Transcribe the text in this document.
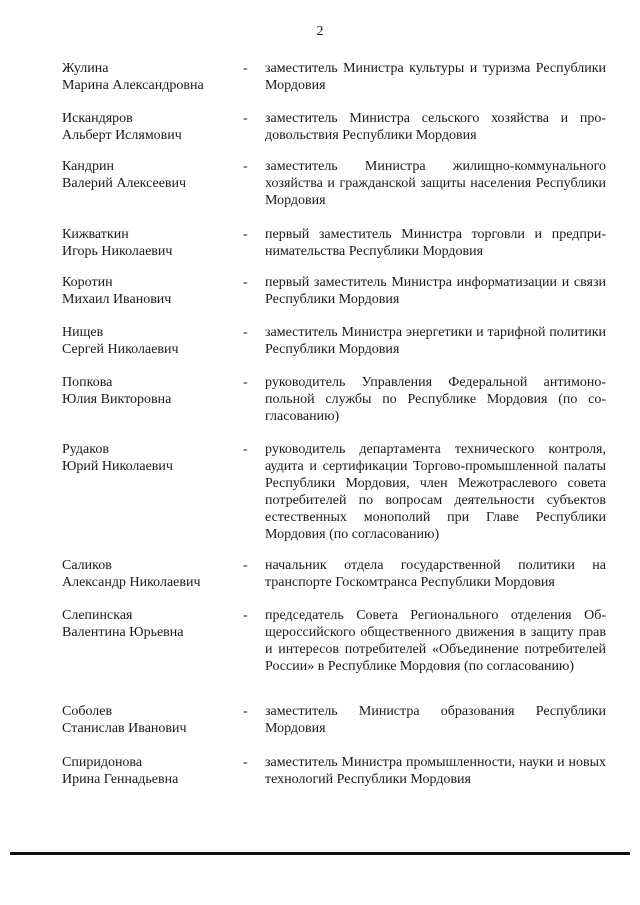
2
Жулина
Марина Александровна
- заместитель Министра культуры и туризма Республики Мордовия
Искандяров
Альберт Ислямович
- заместитель Министра сельского хозяйства и продовольствия Республики Мордовия
Кандрин
Валерий Алексеевич
- заместитель Министра жилищно-коммунального хозяйства и гражданской защиты населения Республики Мордовия
Кижваткин
Игорь Николаевич
- первый заместитель Министра торговли и предпринимательства Республики Мордовия
Коротин
Михаил Иванович
- первый заместитель Министра информатизации и связи Республики Мордовия
Нищев
Сергей Николаевич
- заместитель Министра энергетики и тарифной политики Республики Мордовия
Попкова
Юлия Викторовна
- руководитель Управления Федеральной антимонопольной службы по Республике Мордовия (по согласованию)
Рудаков
Юрий Николаевич
- руководитель департамента технического контроля, аудита и сертификации Торгово-промышленной палаты Республики Мордовия, член Межотраслевого совета потребителей по вопросам деятельности субъектов естественных монополий при Главе Республики Мордовия (по согласованию)
Саликов
Александр Николаевич
- начальник отдела государственной политики на транспорте Госкомтранса Республики Мордовия
Слепинская
Валентина Юрьевна
- председатель Совета Регионального отделения Общероссийского общественного движения в защиту прав и интересов потребителей «Объединение потребителей России» в Республике Мордовия (по согласованию)
Соболев
Станислав Иванович
- заместитель Министра образования Республики Мордовия
Спиридонова
Ирина Геннадьевна
- заместитель Министра промышленности, науки и новых технологий Республики Мордовия
